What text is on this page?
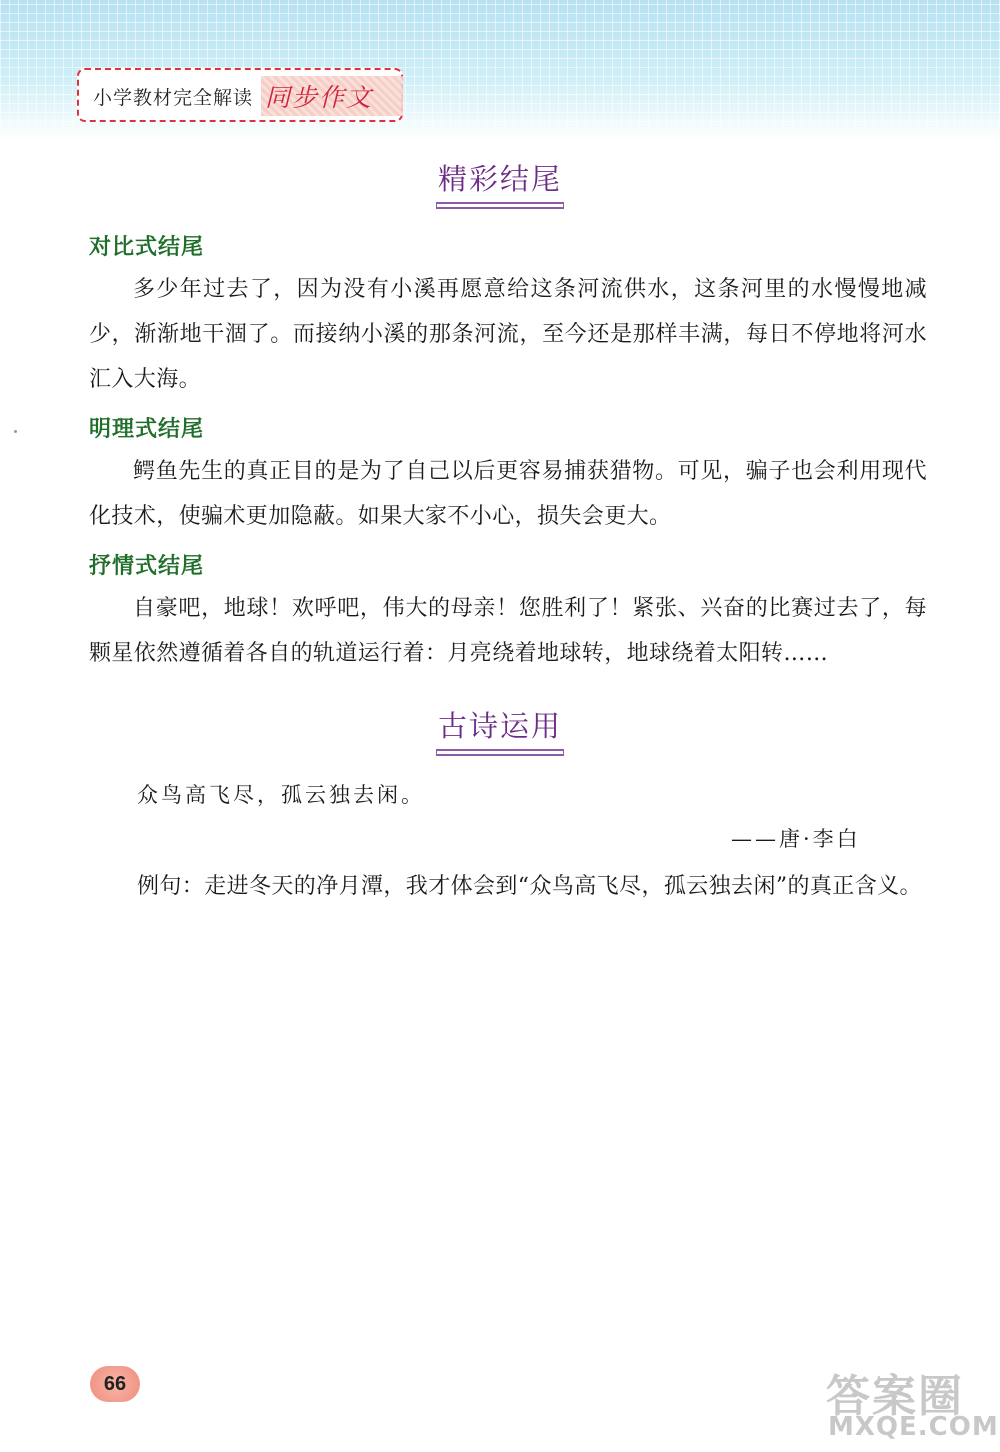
小学教材完全解读 同步作文
精彩结尾
对比式结尾

多少年过去了，因为没有小溪再愿意给这条河流供水，这条河里的水慢慢地减少，渐渐地干涸了。而接纳小溪的那条河流，至今还是那样丰满，每日不停地将河水汇入大海。

明理式结尾

鳄鱼先生的真正目的是为了自己以后更容易捕获猎物。可见，骗子也会利用现代化技术，使骗术更加隐蔽。如果大家不小心，损失会更大。

抒情式结尾

自豪吧，地球！欢呼吧，伟大的母亲！您胜利了！紧张、兴奋的比赛过去了，每颗星依然遵循着各自的轨道运行着：月亮绕着地球转，地球绕着太阳转……

古诗运用
众鸟高飞尽，孤云独去闲。
——唐·李白
例句：走进冬天的净月潭，我才体会到“众鸟高飞尽，孤云独去闲”的真正含义。
66	答案圈
MXQE.COM
